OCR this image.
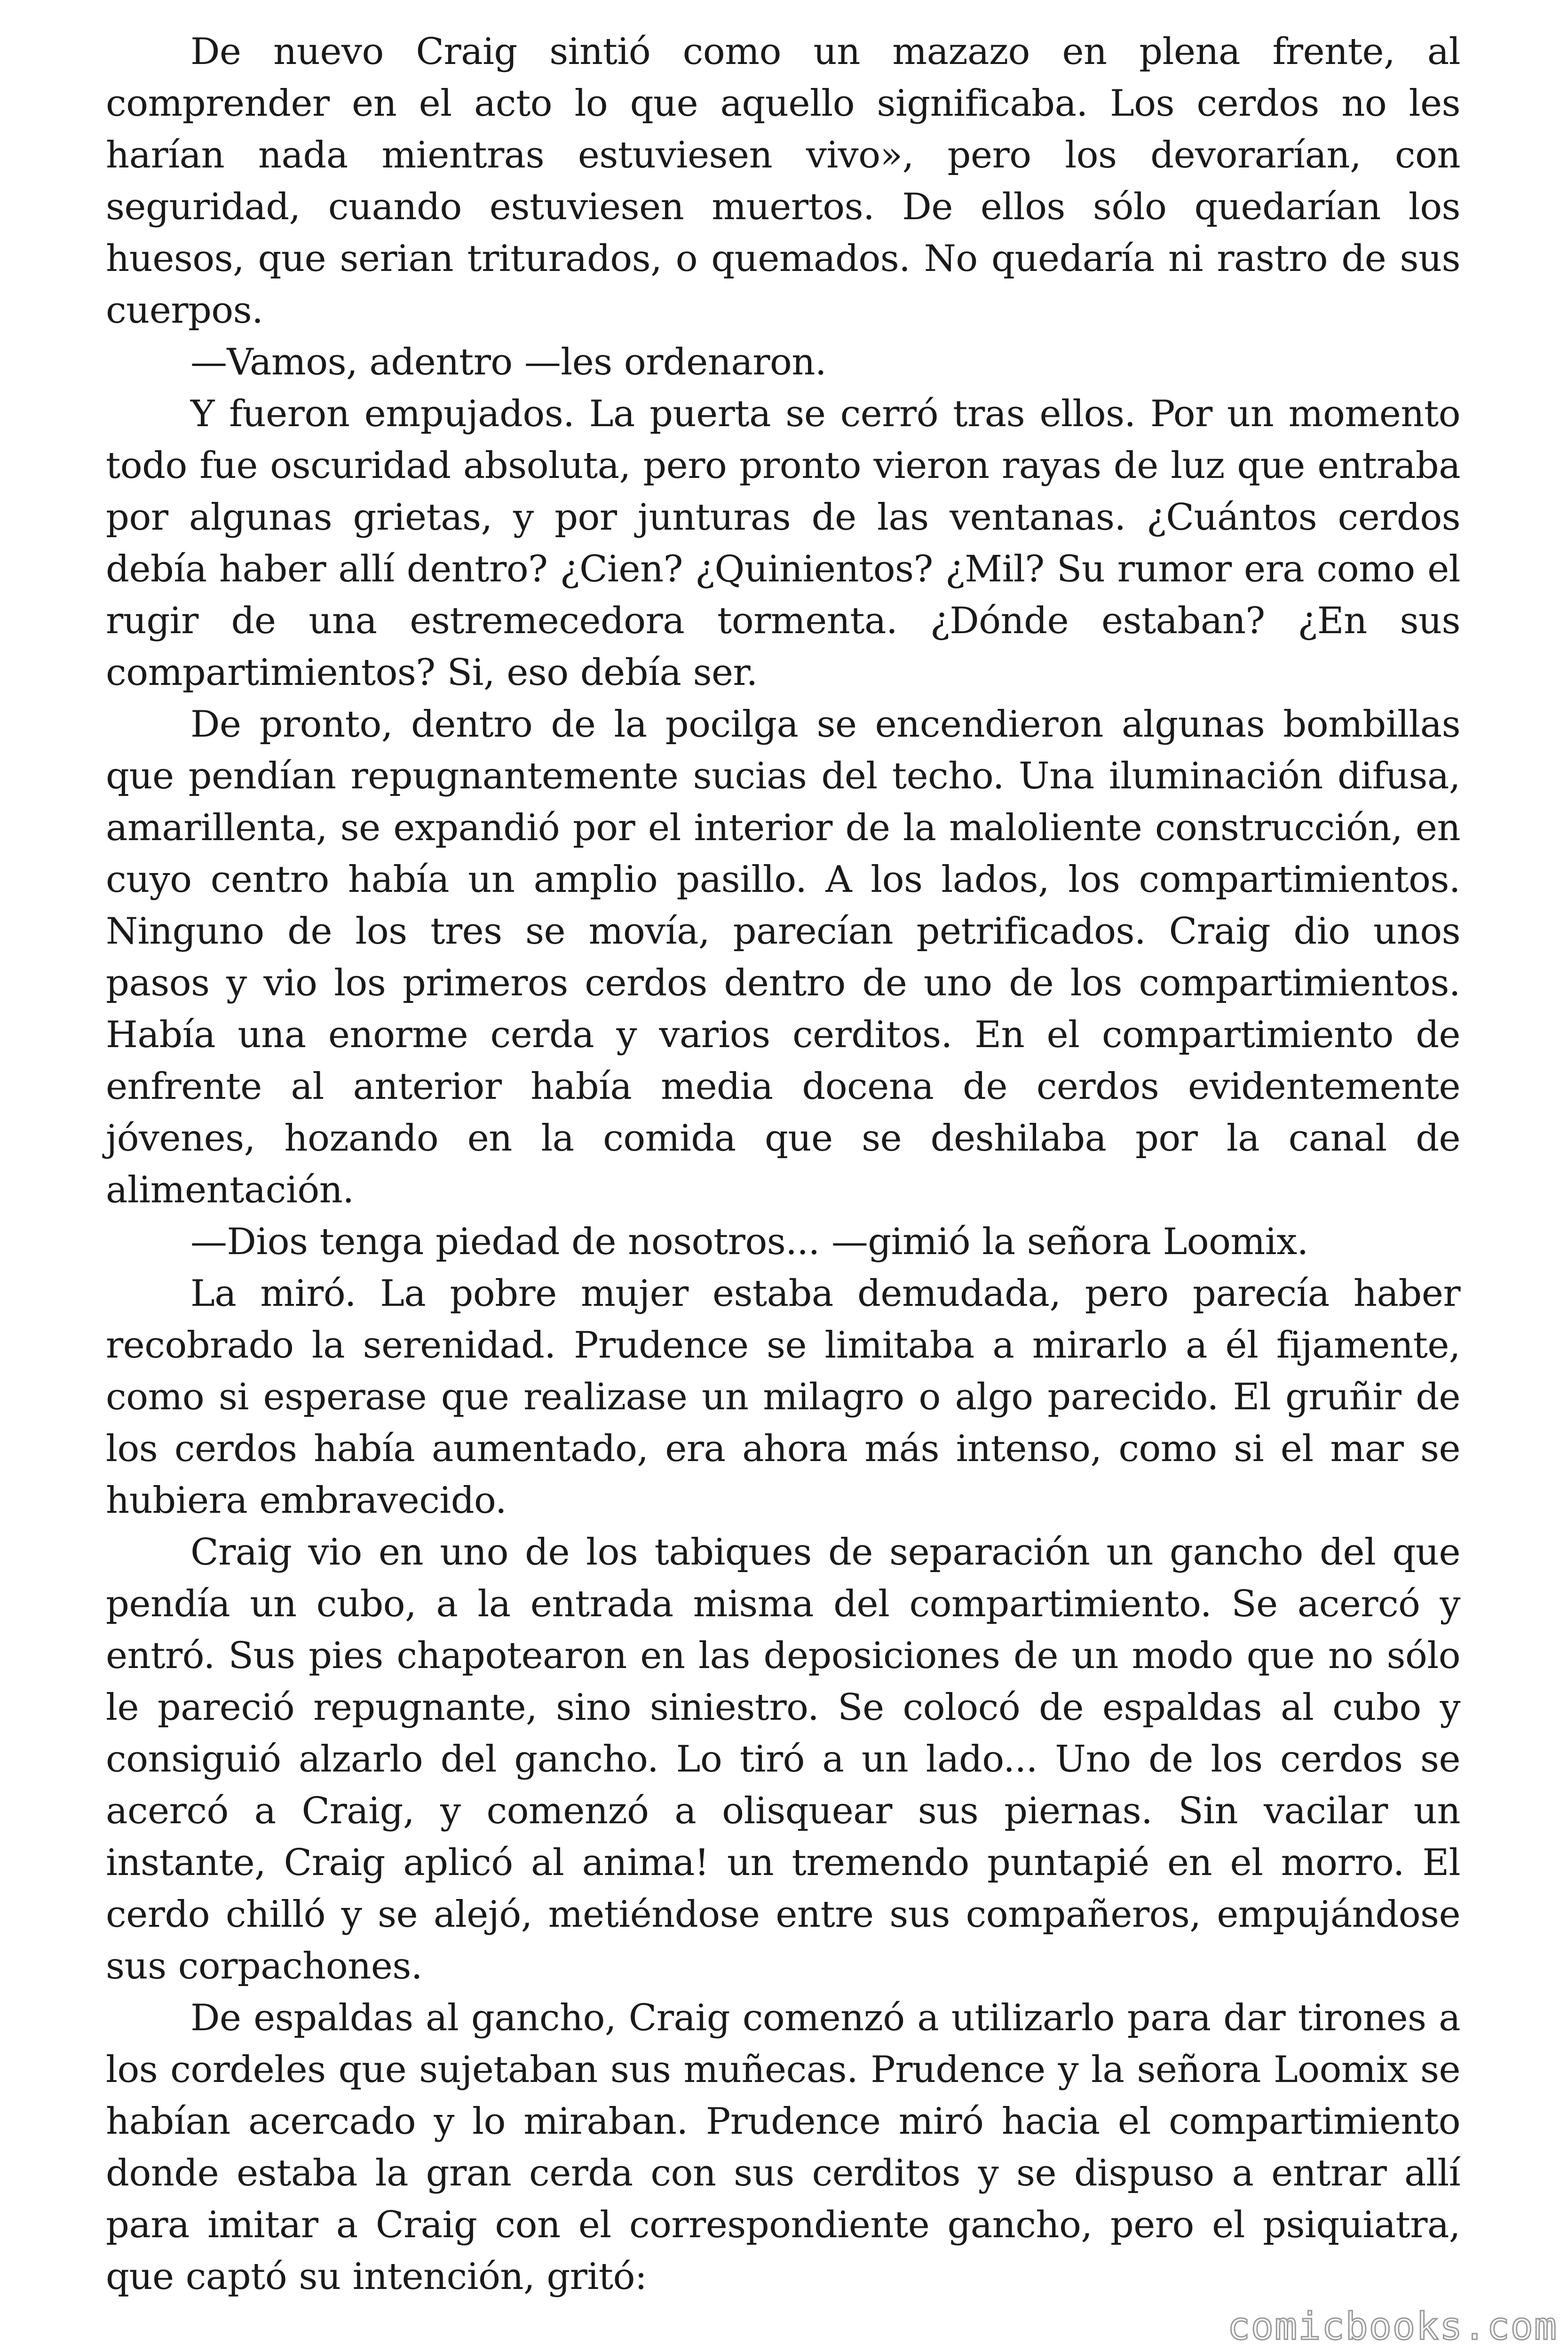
De nuevo Craig sintió como un mazazo en plena frente, al comprender en el acto lo que aquello significaba. Los cerdos no les harían nada mientras estuviesen vivo», pero los devorarían, con seguridad, cuando estuviesen muertos. De ellos sólo quedarían los huesos, que serian triturados, o quemados. No quedaría ni rastro de sus cuerpos.

—Vamos, adentro —les ordenaron.

Y fueron empujados. La puerta se cerró tras ellos. Por un momento todo fue oscuridad absoluta, pero pronto vieron rayas de luz que entraba por algunas grietas, y por junturas de las ventanas. ¿Cuántos cerdos debía haber allí dentro? ¿Cien? ¿Quinientos? ¿Mil? Su rumor era como el rugir de una estremecedora tormenta. ¿Dónde estaban? ¿En sus compartimientos? Si, eso debía ser.

De pronto, dentro de la pocilga se encendieron algunas bombillas que pendían repugnantemente sucias del techo. Una iluminación difusa, amarillenta, se expandió por el interior de la maloliente construcción, en cuyo centro había un amplio pasillo. A los lados, los compartimientos. Ninguno de los tres se movía, parecían petrificados. Craig dio unos pasos y vio los primeros cerdos dentro de uno de los compartimientos. Había una enorme cerda y varios cerditos. En el compartimiento de enfrente al anterior había media docena de cerdos evidentemente jóvenes, hozando en la comida que se deshilaba por la canal de alimentación.

—Dios tenga piedad de nosotros... —gimió la señora Loomix.

La miró. La pobre mujer estaba demudada, pero parecía haber recobrado la serenidad. Prudence se limitaba a mirarlo a él fijamente, como si esperase que realizase un milagro o algo parecido. El gruñir de los cerdos había aumentado, era ahora más intenso, como si el mar se hubiera embravecido.

Craig vio en uno de los tabiques de separación un gancho del que pendía un cubo, a la entrada misma del compartimiento. Se acercó y entró. Sus pies chapotearon en las deposiciones de un modo que no sólo le pareció repugnante, sino siniestro. Se colocó de espaldas al cubo y consiguió alzarlo del gancho. Lo tiró a un lado... Uno de los cerdos se acercó a Craig, y comenzó a olisquear sus piernas. Sin vacilar un instante, Craig aplicó al anima! un tremendo puntapié en el morro. El cerdo chilló y se alejó, metiéndose entre sus compañeros, empujándose sus corpachones.

De espaldas al gancho, Craig comenzó a utilizarlo para dar tirones a los cordeles que sujetaban sus muñecas. Prudence y la señora Loomix se habían acercado y lo miraban. Prudence miró hacia el compartimiento donde estaba la gran cerda con sus cerditos y se dispuso a entrar allí para imitar a Craig con el correspondiente gancho, pero el psiquiatra, que captó su intención, gritó:

comicbooks.com
